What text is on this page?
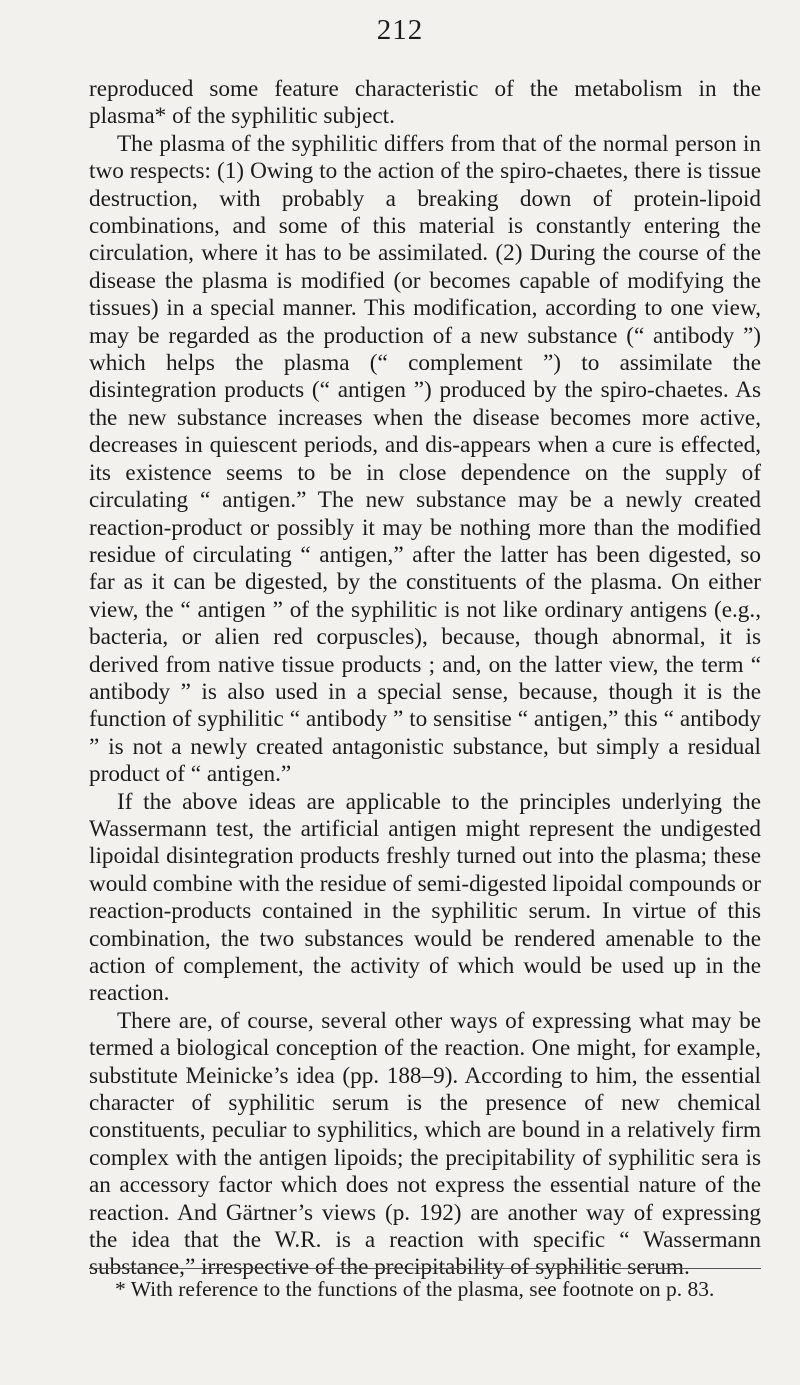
212

reproduced some feature characteristic of the metabolism in the plasma* of the syphilitic subject.

The plasma of the syphilitic differs from that of the normal person in two respects: (1) Owing to the action of the spiro-chaetes, there is tissue destruction, with probably a breaking down of protein-lipoid combinations, and some of this material is constantly entering the circulation, where it has to be assimilated. (2) During the course of the disease the plasma is modified (or becomes capable of modifying the tissues) in a special manner. This modification, according to one view, may be regarded as the production of a new substance (“ antibody ”) which helps the plasma (“ complement ”) to assimilate the disintegration products (“ antigen ”) produced by the spiro-chaetes. As the new substance increases when the disease becomes more active, decreases in quiescent periods, and dis-appears when a cure is effected, its existence seems to be in close dependence on the supply of circulating “ antigen.” The new substance may be a newly created reaction-product or possibly it may be nothing more than the modified residue of circulating “ antigen,” after the latter has been digested, so far as it can be digested, by the constituents of the plasma. On either view, the “ antigen ” of the syphilitic is not like ordinary antigens (e.g., bacteria, or alien red corpuscles), because, though abnormal, it is derived from native tissue products ; and, on the latter view, the term “ antibody ” is also used in a special sense, because, though it is the function of syphilitic “ antibody ” to sensitise “ antigen,” this “ antibody ” is not a newly created antagonistic substance, but simply a residual product of “ antigen.”

If the above ideas are applicable to the principles underlying the Wassermann test, the artificial antigen might represent the undigested lipoidal disintegration products freshly turned out into the plasma; these would combine with the residue of semi-digested lipoidal compounds or reaction-products contained in the syphilitic serum. In virtue of this combination, the two substances would be rendered amenable to the action of complement, the activity of which would be used up in the reaction.

There are, of course, several other ways of expressing what may be termed a biological conception of the reaction. One might, for example, substitute Meinicke’s idea (pp. 188–9). According to him, the essential character of syphilitic serum is the presence of new chemical constituents, peculiar to syphilitics, which are bound in a relatively firm complex with the antigen lipoids; the precipitability of syphilitic sera is an accessory factor which does not express the essential nature of the reaction. And Gärtner’s views (p. 192) are another way of expressing the idea that the W.R. is a reaction with specific “ Wassermann substance,” irrespective of the precipitability of syphilitic serum.

* With reference to the functions of the plasma, see footnote on p. 83.
